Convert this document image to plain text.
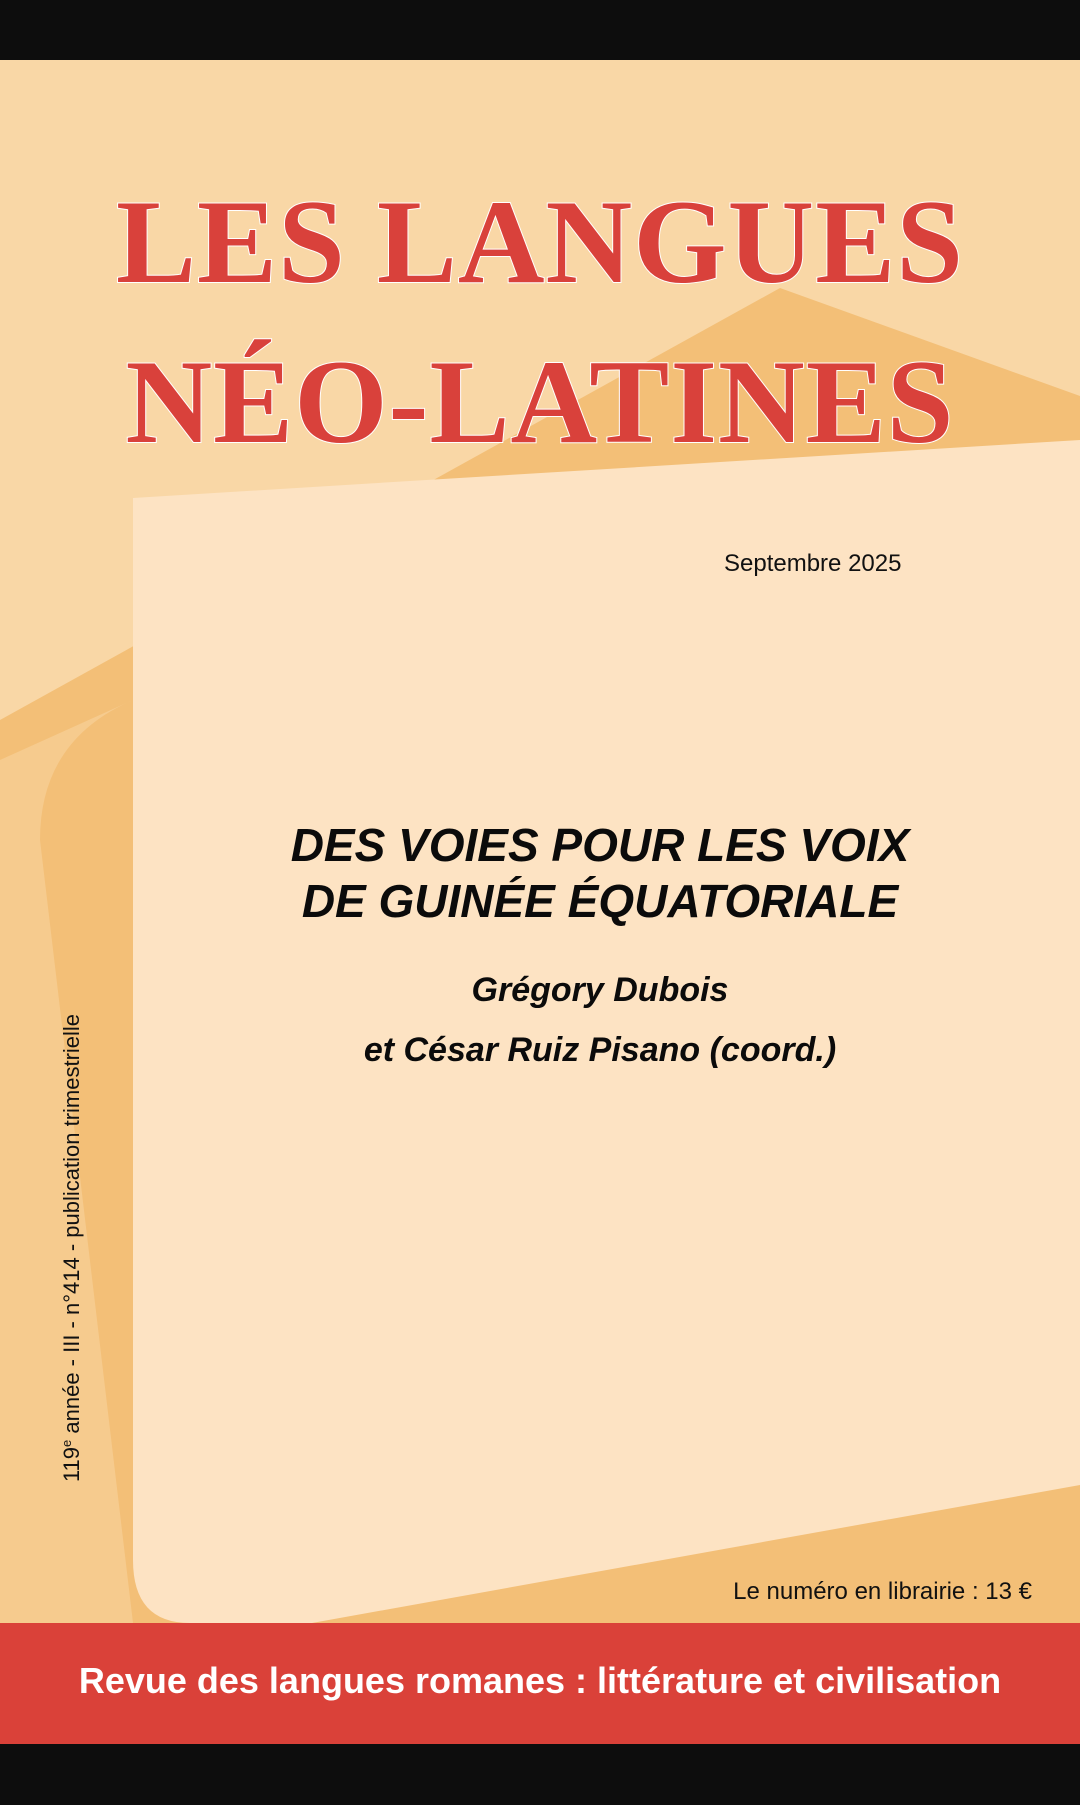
LES LANGUES
NÉO-LATINES
Septembre 2025
DES VOIES POUR LES VOIX
DE GUINÉE ÉQUATORIALE
Grégory Dubois
et César Ruiz Pisano (coord.)
119e année - III - n°414 - publication trimestrielle
Le numéro en librairie : 13 €
Revue des langues romanes : littérature et civilisation
